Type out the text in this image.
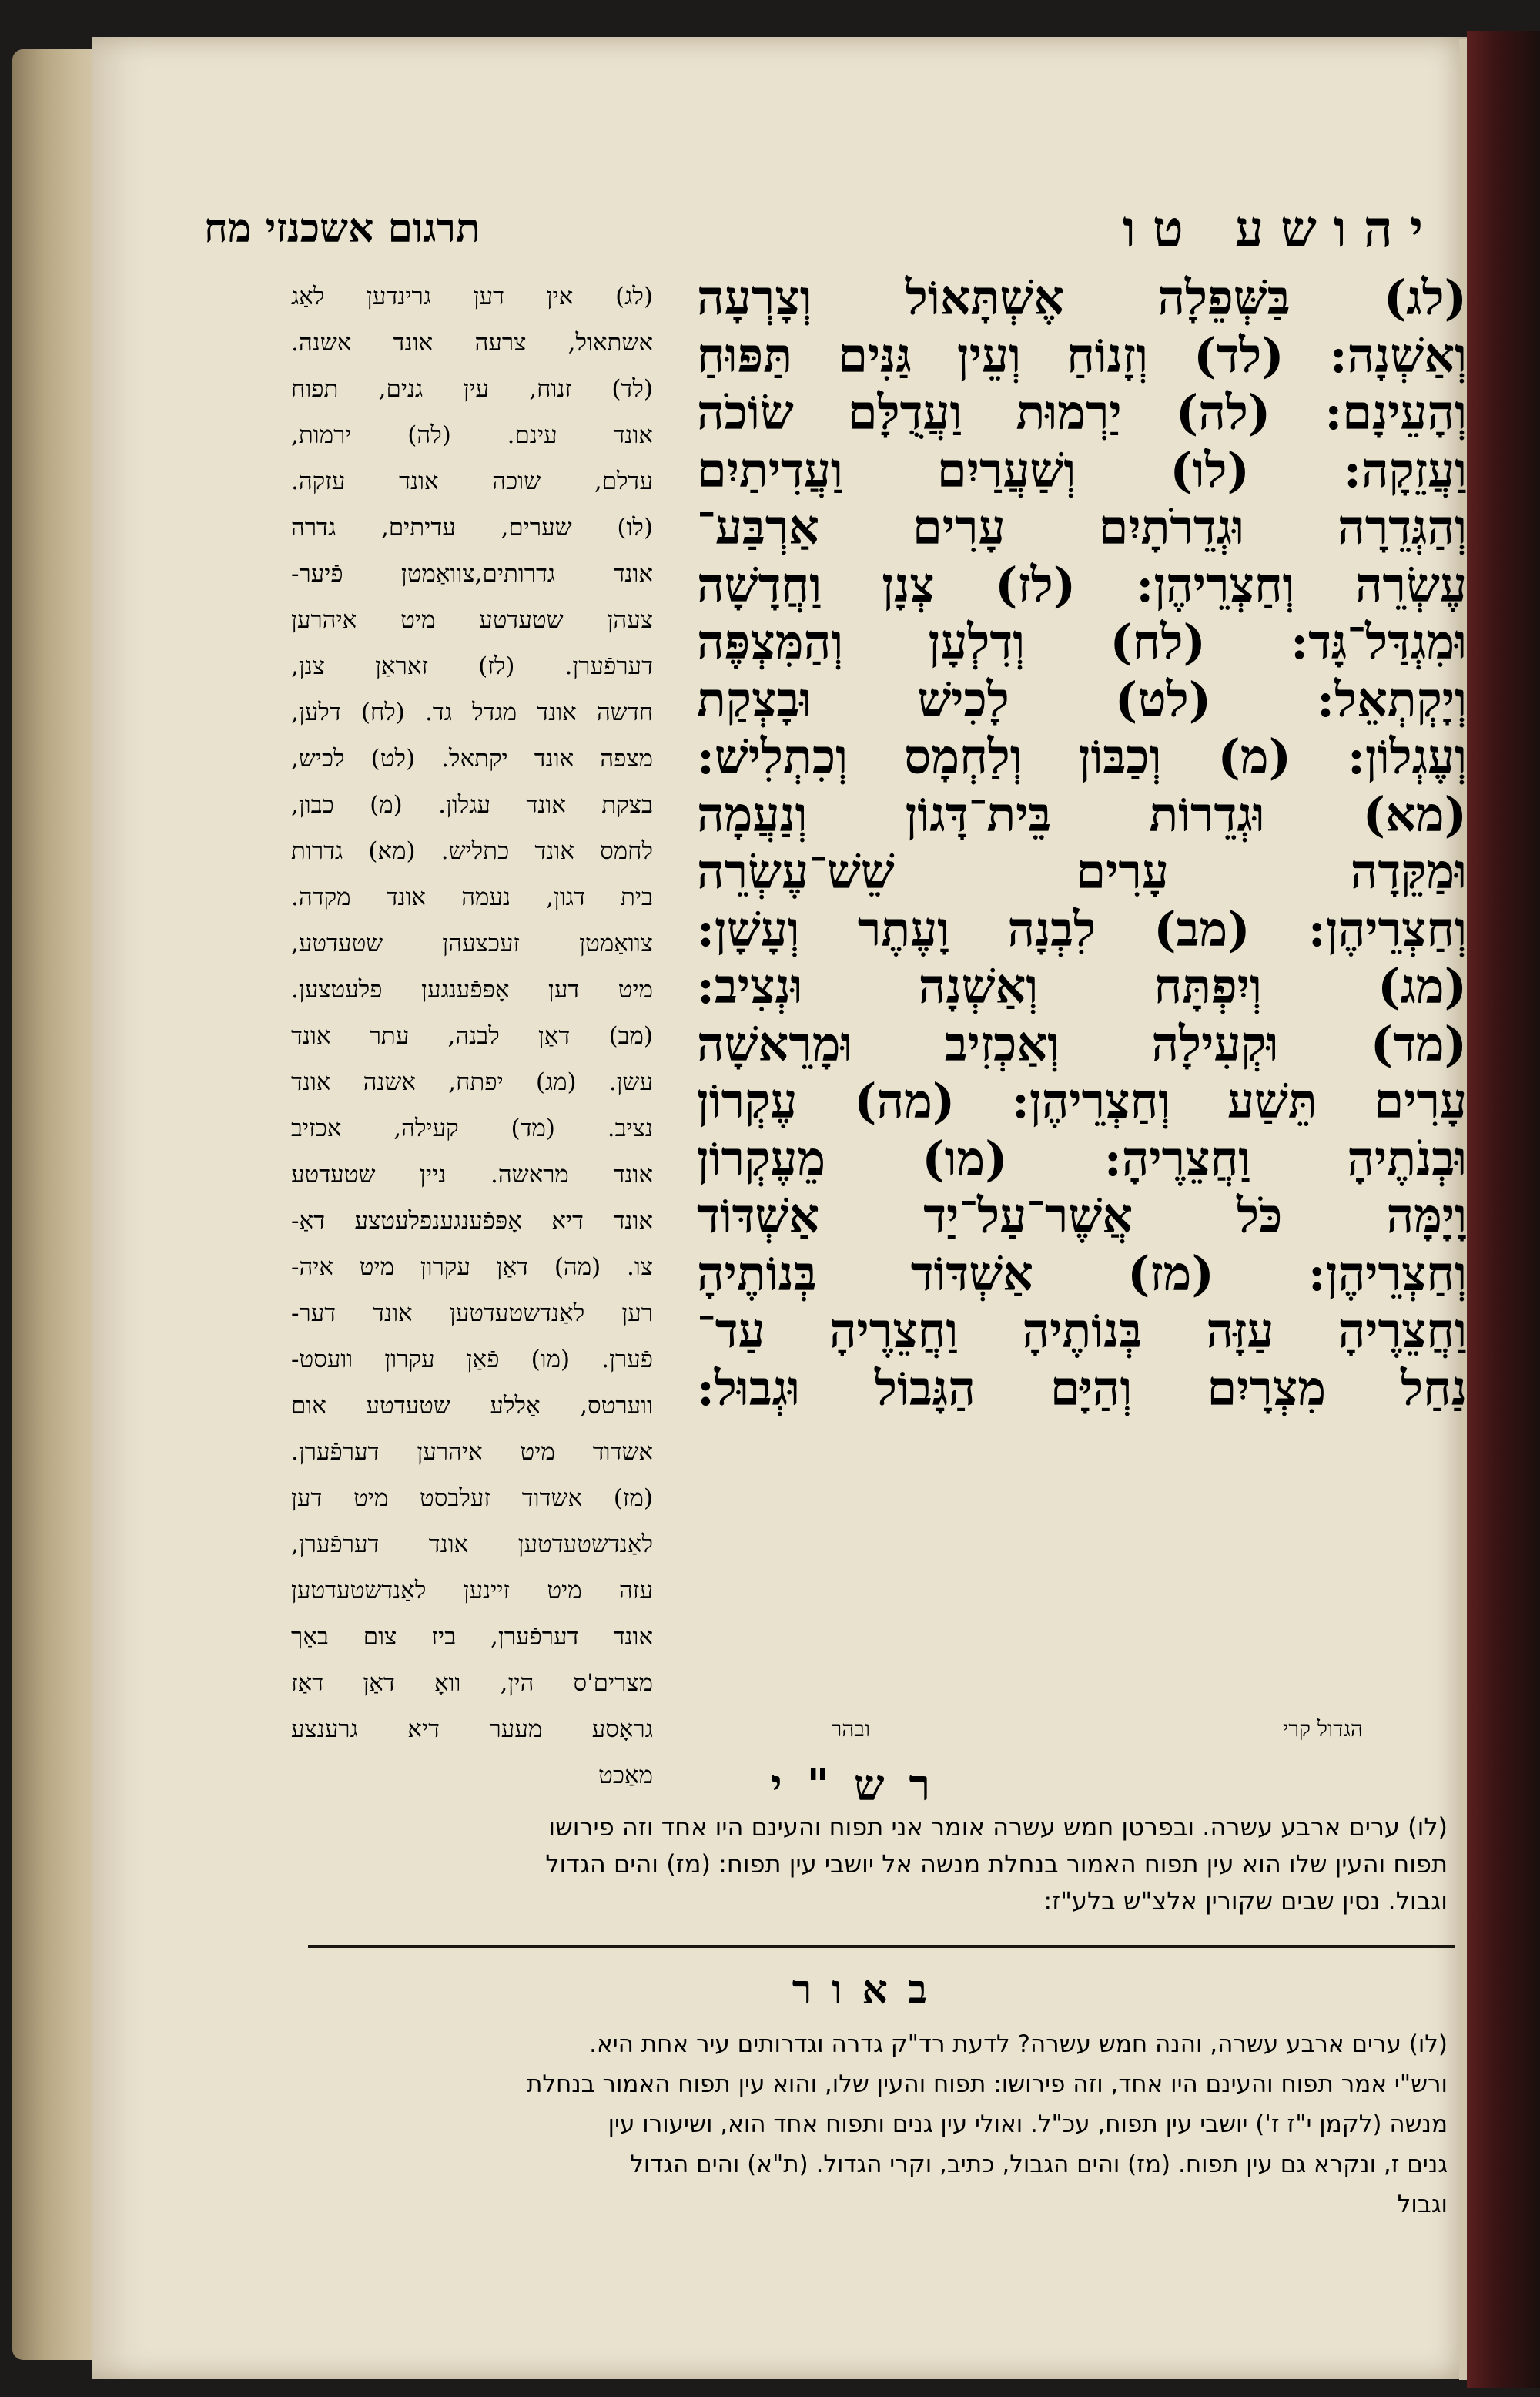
יהושע טו
תרגום אשכנזי מח

(לג) בַּשְּׁפֵלָה אֶשְׁתָּאוֹל וְצָרְעָה

וְאַשְׁנָה: (לד) וְזָנוֹחַ וְעֵין גַּנִּים תַּפּוּחַ

וְהָעֵינָם: (לה) יַרְמוּת וַעֲדֻלָּם שׂוֹכֹה

וַעֲזֵקָה: (לו) וְשַׁעֲרַיִם וַעֲדִיתַיִם

וְהַגְּדֵרָה וּגְדֵרֹתָיִם עָרִים אַרְבַּע־

עֶשְׂרֵה וְחַצְרֵיהֶן: (לז) צְנָן וַחֲדָשָׁה

וּמִגְדַּל־גָּד: (לח) וְדִלְעָן וְהַמִּצְפֶּה

וְיָקְתְאֵל: (לט) לָכִישׁ וּבָצְקַת

וְעֶגְלוֹן: (מ) וְכַבּוֹן וְלַחְמָס וְכִתְלִישׁ:

(מא) וּגְדֵרוֹת בֵּית־דָּגוֹן וְנַעֲמָה

וּמַקֵּדָה עָרִים שֵׁשׁ־עֶשְׂרֵה

וְחַצְרֵיהֶן: (מב) לִבְנָה וָעֶתֶר וְעָשָׁן:

(מג) וְיִפְתָּח וְאַשְׁנָה וּנְצִיב:

(מד) וּקְעִילָה וְאַכְזִיב וּמָרֵאשָׁה

עָרִים תֵּשַׁע וְחַצְרֵיהֶן: (מה) עֶקְרוֹן

וּבְנֹתֶיהָ וַחֲצֵרֶיהָ: (מו) מֵעֶקְרוֹן

וָיָמָּה כֹּל אֲשֶׁר־עַל־יַד אַשְׁדּוֹד

וְחַצְרֵיהֶן: (מז) אַשְׁדּוֹד בְּנוֹתֶיהָ

וַחֲצֵרֶיהָ עַזָּה בְּנוֹתֶיהָ וַחֲצֵרֶיהָ עַד־

נַחַל מִצְרָיִם וְהַיָּם הַגָּבוֹל וּגְבוּל:

(לג) אין דען גרינדען לאַג

אשתאול, צרעה אונד אשנה.

(לד) זנוח, עין גנים, תפוח

אונד עינם. (לה) ירמות,

עדלם, שוכה אונד עזקה.

(לו) שערים, עדיתים, גדרה

אונד גדרותים,צוואַמטן פֿיער-

צעהן שטעדטע מיט איהרען

דערפֿערן. (לז) זאראַן צנן,

חדשה אונד מגדל גד. (לח) דלען,

מצפה אונד יקתאל. (לט) לכיש,

בצקת אונד עגלון. (מ) כבון,

לחמס אונד כתליש. (מא) גדרות

בית דגון, נעמה אונד מקדה.

צוואַמטן זעכצעהן שטעדטע,

מיט דען אָפּפֿענגען פלעטצען.

(מב) דאַן לבנה, עתר אונד

עשן. (מג) יפתח, אשנה אונד

נציב. (מד) קעילה, אכזיב

אונד מראשה. ניין שטעדטע

אונד דיא אָפּפֿענגענפלעטצע דאַ-

צו. (מה) דאַן עקרון מיט איה-

רען לאַנדשטעדטען אונד דער-

פֿערן. (מו) פֿאַן עקרון וועסט-

ווערטס, אַללע שטעדטע אום

אשדוד מיט איהרען דערפֿערן.

(מז) אשדוד זעלבסט מיט דען

לאַנדשטעדטען אונד דערפֿערן,

עזה מיט זיינען לאַנדשטעדטען

אונד דערפֿערן, ביז צום באַך

מצרים'ס הין, וואָ דאַן דאַז

גראָסע מעער דיא גרענצע

מאַכט

הגדול קרי
ובהר
רש"י

(לו) ערים ארבע עשרה. ובפרטן חמש עשרה אומר אני תפוח והעינם היו אחד וזה פירושו

תפוח והעין שלו הוא עין תפוח האמור בנחלת מנשה אל יושבי עין תפוח: (מז) והים הגדול

וגבול. נסין שבים שקורין אלצ"ש בלע"ז:

באור

(לו) ערים ארבע עשרה, והנה חמש עשרה? לדעת רד"ק גדרה וגדרותים עיר אחת היא.

ורש"י אמר תפוח והעינם היו אחד, וזה פירושו: תפוח והעין שלו, והוא עין תפוח האמור בנחלת

מנשה (לקמן י"ז ז') יושבי עין תפוח, עכ"ל. ואולי עין גנים ותפוח אחד הוא, ושיעורו עין

גנים ז, ונקרא גם עין תפוח. (מז) והים הגבול, כתיב, וקרי הגדול. (ת"א) והים הגדול

וגבול
